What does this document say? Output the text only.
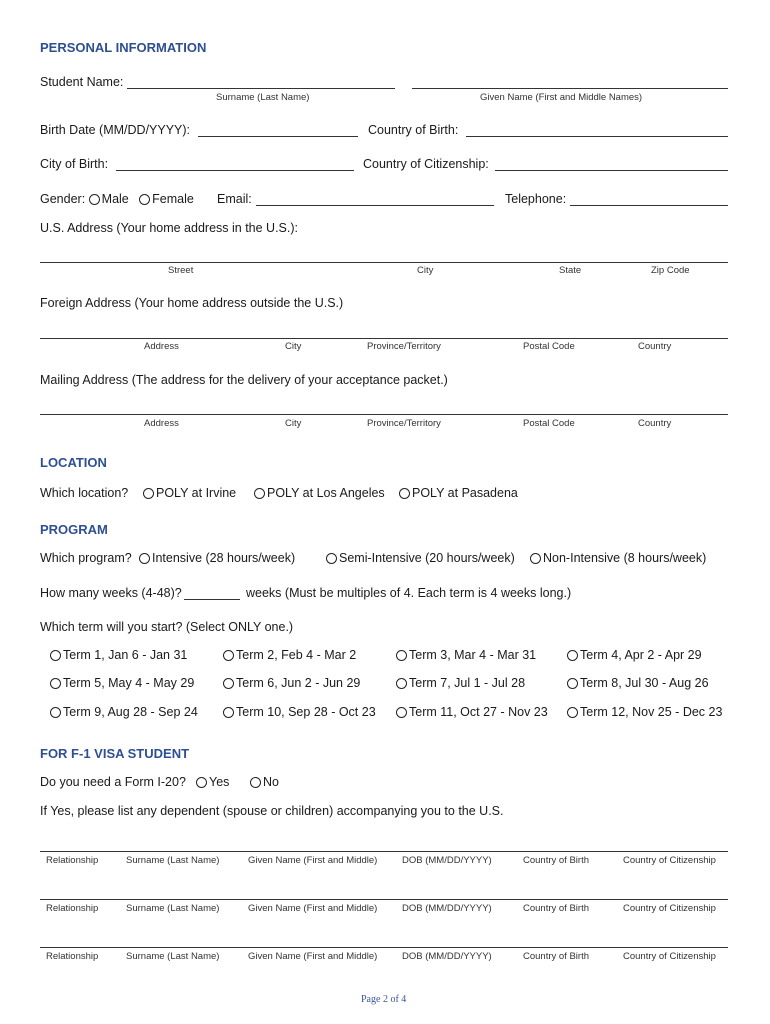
PERSONAL INFORMATION
Student Name:
Surname (Last Name)	Given Name (First and Middle Names)
Birth Date (MM/DD/YYYY):	Country of Birth:
City of Birth:	Country of Citizenship:
Gender: Male Female Email:	Telephone:
U.S. Address (Your home address in the U.S.):
Street	City	State	Zip Code
Foreign Address (Your home address outside the U.S.)
Address	City	Province/Territory	Postal Code	Country
Mailing Address (The address for the delivery of your acceptance packet.)
Address	City	Province/Territory	Postal Code	Country
LOCATION
Which location?	POLY at Irvine	POLY at Los Angeles	POLY at Pasadena
PROGRAM
Which program?	Intensive (28 hours/week)	Semi-Intensive (20 hours/week)	Non-Intensive (8 hours/week)
How many weeks (4-48)?	weeks (Must be multiples of 4. Each term is 4 weeks long.)
Which term will you start? (Select ONLY one.)
Term 1, Jan 6 - Jan 31	Term 2, Feb 4 - Mar 2	Term 3, Mar 4 - Mar 31	Term 4, Apr 2 - Apr 29
Term 5, May 4 - May 29	Term 6, Jun 2 - Jun 29	Term 7, Jul 1 - Jul 28	Term 8, Jul 30 - Aug 26
Term 9, Aug 28 - Sep 24	Term 10, Sep 28 - Oct 23	Term 11, Oct 27 - Nov 23	Term 12, Nov 25 - Dec 23
FOR F-1 VISA STUDENT
Do you need a Form I-20?	Yes	No
If Yes, please list any dependent (spouse or children) accompanying you to the U.S.
Relationship	Surname (Last Name)	Given Name (First and Middle)	DOB (MM/DD/YYYY)	Country of Birth	Country of Citizenship
Relationship	Surname (Last Name)	Given Name (First and Middle)	DOB (MM/DD/YYYY)	Country of Birth	Country of Citizenship
Relationship	Surname (Last Name)	Given Name (First and Middle)	DOB (MM/DD/YYYY)	Country of Birth	Country of Citizenship
Page 2 of 4
